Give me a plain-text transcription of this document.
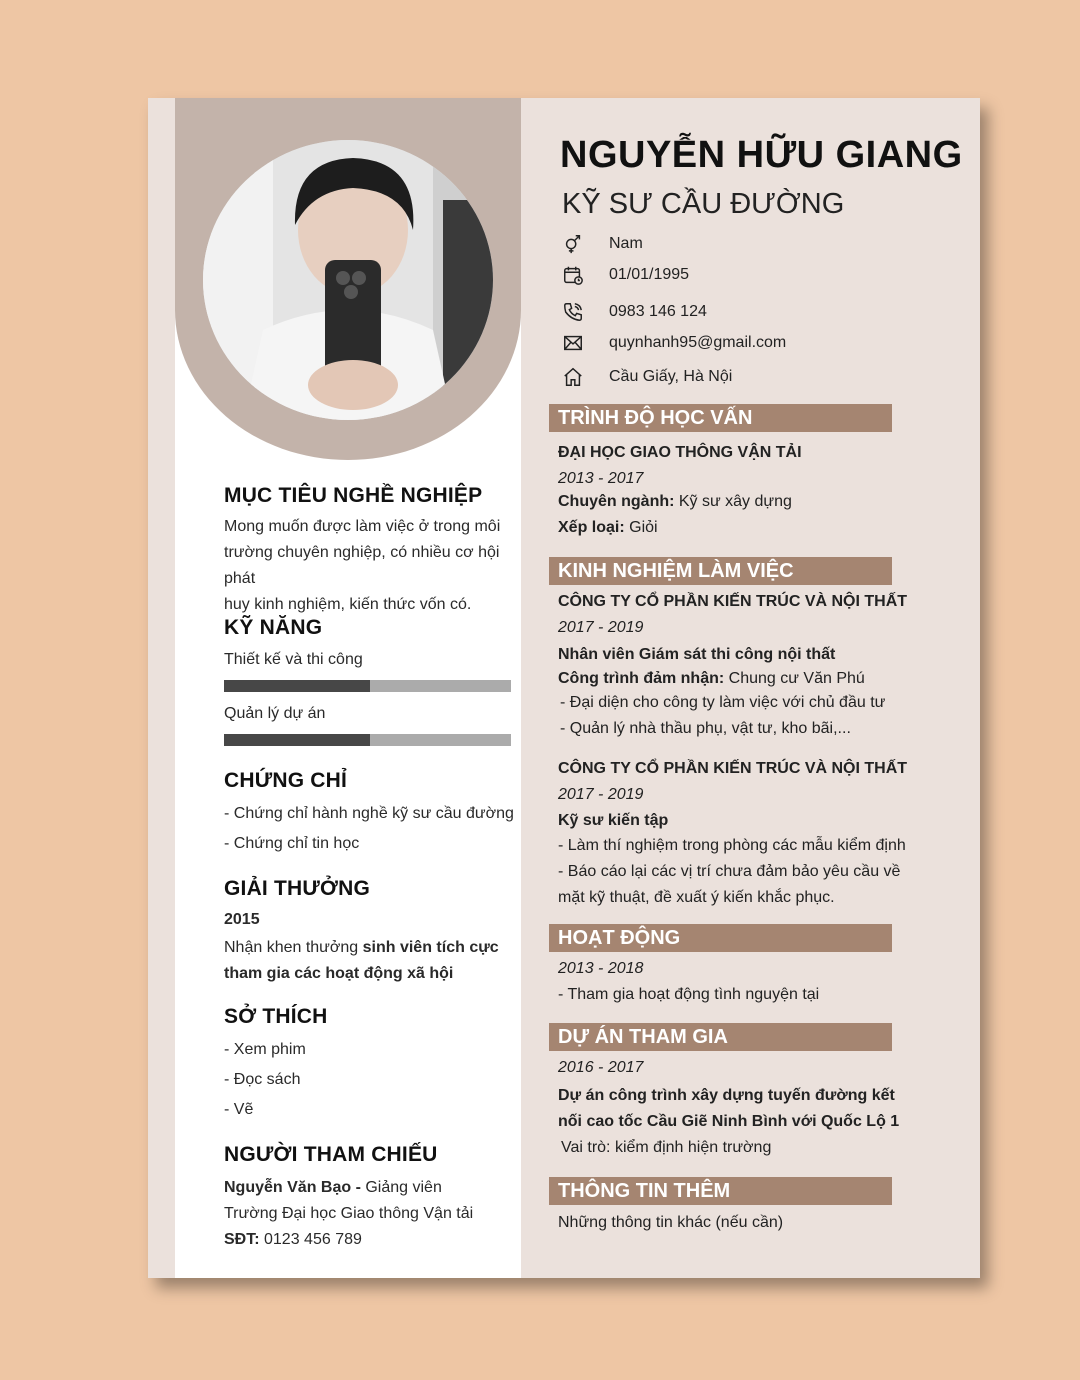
MỤC TIÊU NGHỀ NGHIỆP
Mong muốn được làm việc ở trong môi
trường chuyên nghiệp, có nhiều cơ hội phát
huy kinh nghiệm, kiến thức vốn có.
KỸ NĂNG
Thiết kế và thi công
Quản lý dự án
CHỨNG CHỈ
- Chứng chỉ hành nghề kỹ sư cầu đường
- Chứng chỉ tin học
GIẢI THƯỞNG
2015
Nhận khen thưởng sinh viên tích cực
tham gia các hoạt động xã hội
SỞ THÍCH
- Xem phim
- Đọc sách
- Vẽ
NGƯỜI THAM CHIẾU
Nguyễn Văn Bạo - Giảng viên
Trường Đại học Giao thông Vận tải
SĐT: 0123 456 789
NGUYỄN HỮU GIANG
KỸ SƯ CẦU ĐƯỜNG
Nam
01/01/1995
0983 146 124
quynhanh95@gmail.com
Cầu Giấy, Hà Nội
TRÌNH ĐỘ HỌC VẤN
ĐẠI HỌC GIAO THÔNG VẬN TẢI
2013 - 2017
Chuyên ngành: Kỹ sư xây dựng
Xếp loại: Giỏi
KINH NGHIỆM LÀM VIỆC
CÔNG TY CỔ PHẦN KIẾN TRÚC VÀ NỘI THẤT
2017 - 2019
Nhân viên Giám sát thi công nội thất
Công trình đảm nhận: Chung cư Văn Phú
- Đại diện cho công ty làm việc với chủ đầu tư
- Quản lý nhà thầu phụ, vật tư, kho bãi,...
CÔNG TY CỔ PHẦN KIẾN TRÚC VÀ NỘI THẤT
2017 - 2019
Kỹ sư kiến tập
- Làm thí nghiệm trong phòng các mẫu kiểm định
- Báo cáo lại các vị trí chưa đảm bảo yêu cầu về
mặt kỹ thuật, đề xuất ý kiến khắc phục.
HOẠT ĐỘNG
2013 - 2018
- Tham gia hoạt động tình nguyện tại
DỰ ÁN THAM GIA
2016 - 2017
Dự án công trình xây dựng tuyến đường kết
nối cao tốc Cầu Giẽ Ninh Bình với Quốc Lộ 1
Vai trò: kiểm định hiện trường
THÔNG TIN THÊM
Những thông tin khác (nếu cần)
